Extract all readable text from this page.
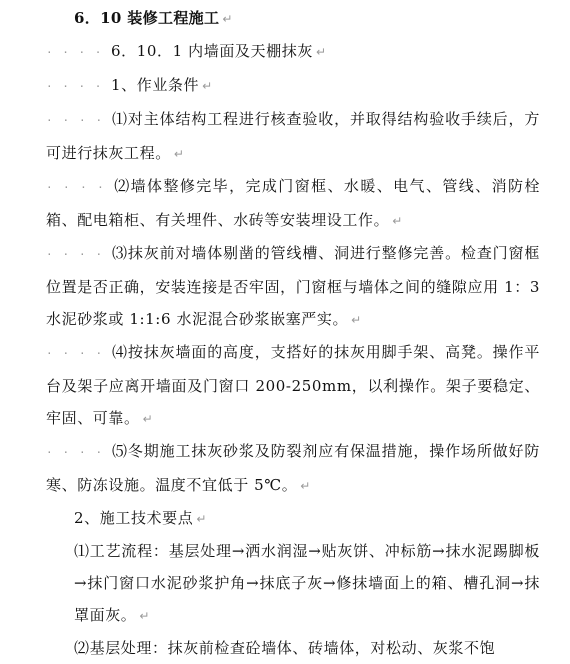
6．10 装修工程施工 ↵

· · · · 6．10．1 内墙面及天棚抹灰 ↵

· · · · 1、作业条件 ↵

· · · · ⑴对主体结构工程进行核查验收，并取得结构验收手续后，方可进行抹灰工程。 ↵

· · · · ⑵墙体整修完毕，完成门窗框、水暖、电气、管线、消防栓箱、配电箱柜、有关埋件、水砖等安装埋设工作。 ↵

· · · · ⑶抹灰前对墙体剔凿的管线槽、洞进行整修完善。检查门窗框位置是否正确，安装连接是否牢固，门窗框与墙体之间的缝隙应用 1：3 水泥砂浆或 1:1:6 水泥混合砂浆嵌塞严实。 ↵

· · · · ⑷按抹灰墙面的高度，支搭好的抹灰用脚手架、高凳。操作平台及架子应离开墙面及门窗口 200-250mm，以利操作。架子要稳定、牢固、可靠。 ↵

· · · · ⑸冬期施工抹灰砂浆及防裂剂应有保温措施，操作场所做好防寒、防冻设施。温度不宜低于 5℃。 ↵

2、施工技术要点 ↵

⑴工艺流程：基层处理→洒水润湿→贴灰饼、冲标筋→抹水泥踢脚板→抹门窗口水泥砂浆护角→抹底子灰→修抹墙面上的箱、槽孔洞→抹罩面灰。 ↵

⑵基层处理：抹灰前检查砼墙体、砖墙体，对松动、灰浆不饱
